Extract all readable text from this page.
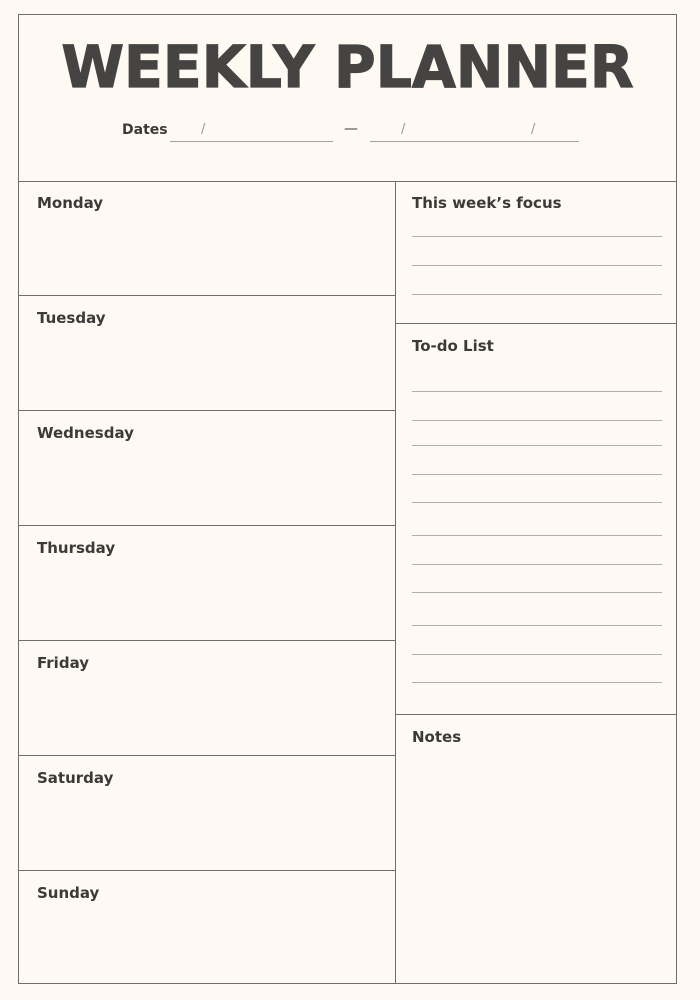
WEEKLY PLANNER
Dates	/	—	/	/
Monday
Tuesday
Wednesday
Thursday
Friday
Saturday
Sunday
This week’s focus
To-do List
Notes
